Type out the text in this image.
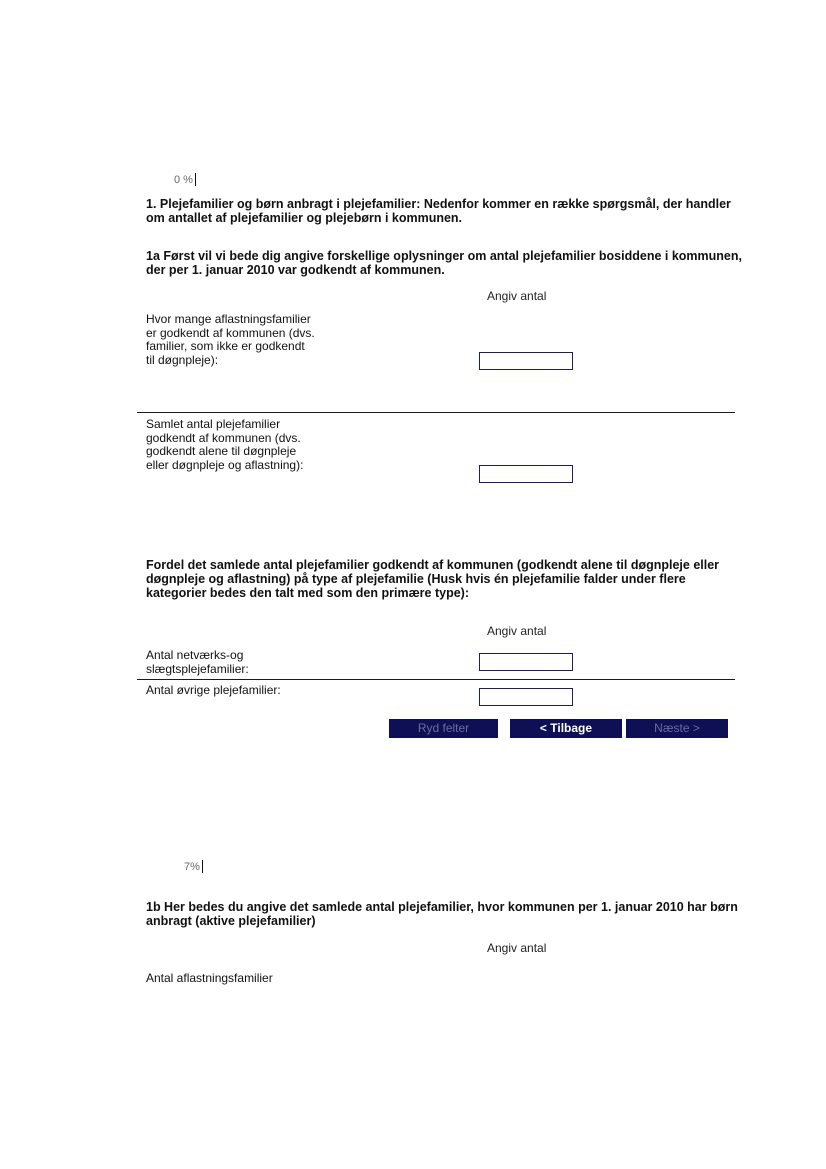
0 %
1. Plejefamilier og børn anbragt i plejefamilier: Nedenfor kommer en række spørgsmål, der handler om antallet af plejefamilier og plejebørn i kommunen.
1a Først vil vi bede dig angive forskellige oplysninger om antal plejefamilier bosiddene i kommunen, der per 1. januar 2010 var godkendt af kommunen.
Angiv antal
Hvor mange aflastningsfamilier er godkendt af kommunen (dvs. familier, som ikke er godkendt til døgnpleje):
Samlet antal plejefamilier godkendt af kommunen (dvs. godkendt alene til døgnpleje eller døgnpleje og aflastning):
Fordel det samlede antal plejefamilier godkendt af kommunen (godkendt alene til døgnpleje eller døgnpleje og aflastning) på type af plejefamilie (Husk hvis én plejefamilie falder under flere kategorier bedes den talt med som den primære type):
Angiv antal
Antal netværks-og slægtsplejefamilier:
Antal øvrige plejefamilier:
Ryd felter	< Tilbage	Næste >
7%
1b Her bedes du angive det samlede antal plejefamilier, hvor kommunen per 1. januar 2010 har børn anbragt (aktive plejefamilier)
Angiv antal
Antal aflastningsfamilier
